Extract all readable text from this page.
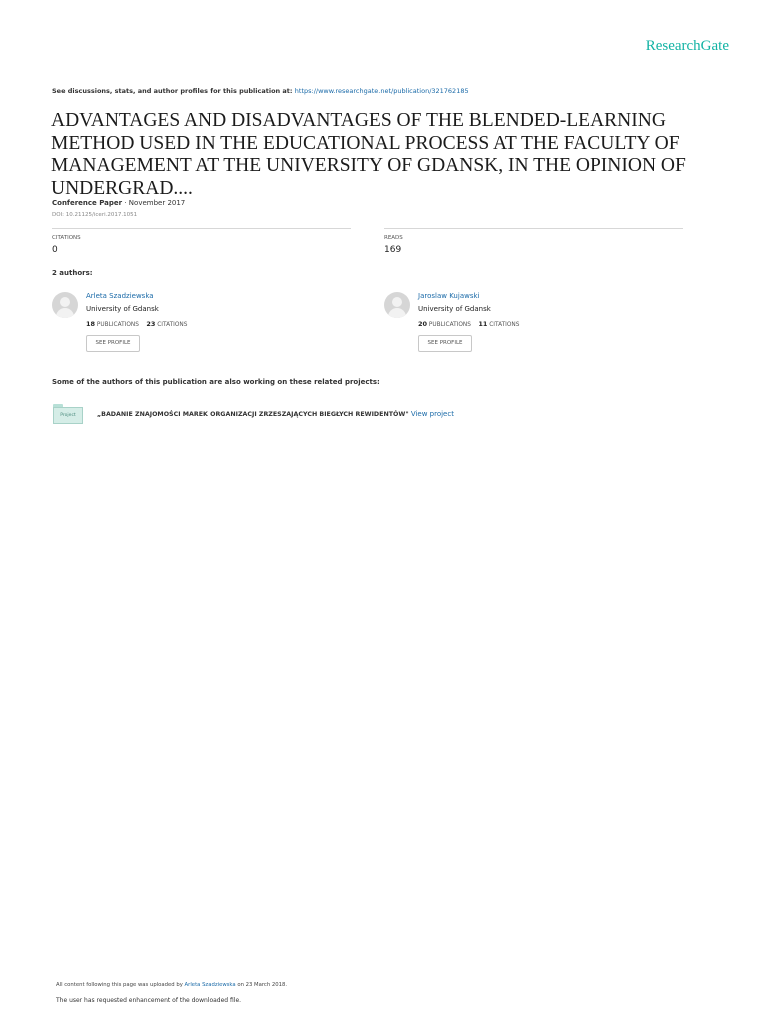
ResearchGate
See discussions, stats, and author profiles for this publication at: https://www.researchgate.net/publication/321762185
ADVANTAGES AND DISADVANTAGES OF THE BLENDED-LEARNING METHOD USED IN THE EDUCATIONAL PROCESS AT THE FACULTY OF MANAGEMENT AT THE UNIVERSITY OF GDANSK, IN THE OPINION OF UNDERGRAD....
Conference Paper · November 2017
DOI: 10.21125/iceri.2017.1051
CITATIONS
0
READS
169
2 authors:
Arleta Szadziewska
University of Gdansk
18 PUBLICATIONS 23 CITATIONS
SEE PROFILE
Jaroslaw Kujawski
University of Gdansk
20 PUBLICATIONS 11 CITATIONS
SEE PROFILE
Some of the authors of this publication are also working on these related projects:
Project	„BADANIE ZNAJOMOŚCI MAREK ORGANIZACJI ZRZESZAJĄCYCH BIEGŁYCH REWIDENTÓW" View project
All content following this page was uploaded by Arleta Szadziewska on 23 March 2018.
The user has requested enhancement of the downloaded file.
